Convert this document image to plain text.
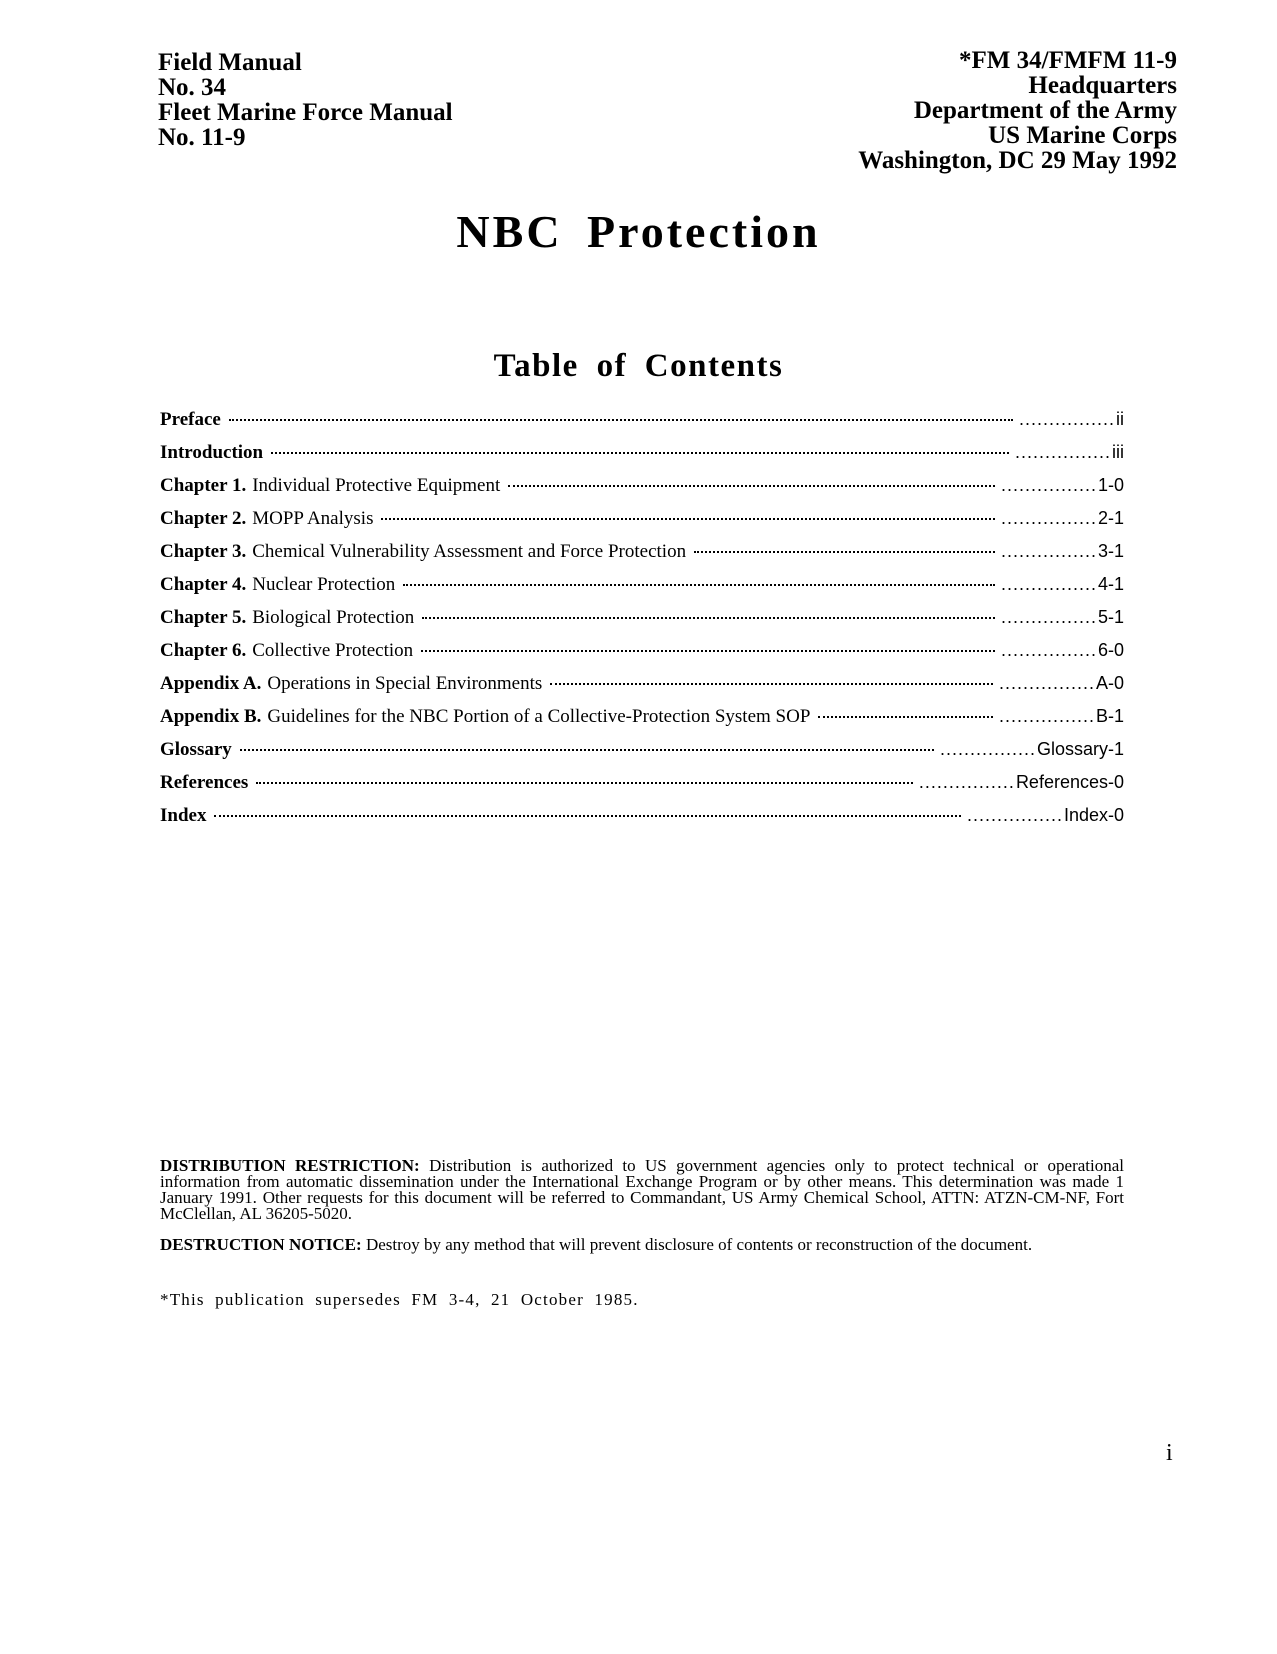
Field Manual
No. 34
Fleet Marine Force Manual
No. 11-9
*FM 34/FMFM 11-9
Headquarters
Department of the Army
US Marine Corps
Washington, DC 29 May 1992
NBC Protection
Table of Contents
Preface	..... ii
Introduction	..... iii
Chapter 1. Individual Protective Equipment	..... 1-0
Chapter 2. MOPP Analysis	..... 2-1
Chapter 3. Chemical Vulnerability Assessment and Force Protection	..... 3-1
Chapter 4. Nuclear Protection	..... 4-1
Chapter 5. Biological Protection	..... 5-1
Chapter 6. Collective Protection	..... 6-0
Appendix A. Operations in Special Environments	..... A-0
Appendix B. Guidelines for the NBC Portion of a Collective-Protection System SOP	..... B-1
Glossary	..... Glossary-1
References	..... References-0
Index	..... Index-0
DISTRIBUTION RESTRICTION: Distribution is authorized to US government agencies only to protect technical or operational information from automatic dissemination under the International Exchange Program or by other means. This determination was made 1 January 1991. Other requests for this document will be referred to Commandant, US Army Chemical School, ATTN: ATZN-CM-NF, Fort McClellan, AL 36205-5020.
DESTRUCTION NOTICE: Destroy by any method that will prevent disclosure of contents or reconstruction of the document.
*This publication supersedes FM 3-4, 21 October 1985.
i
